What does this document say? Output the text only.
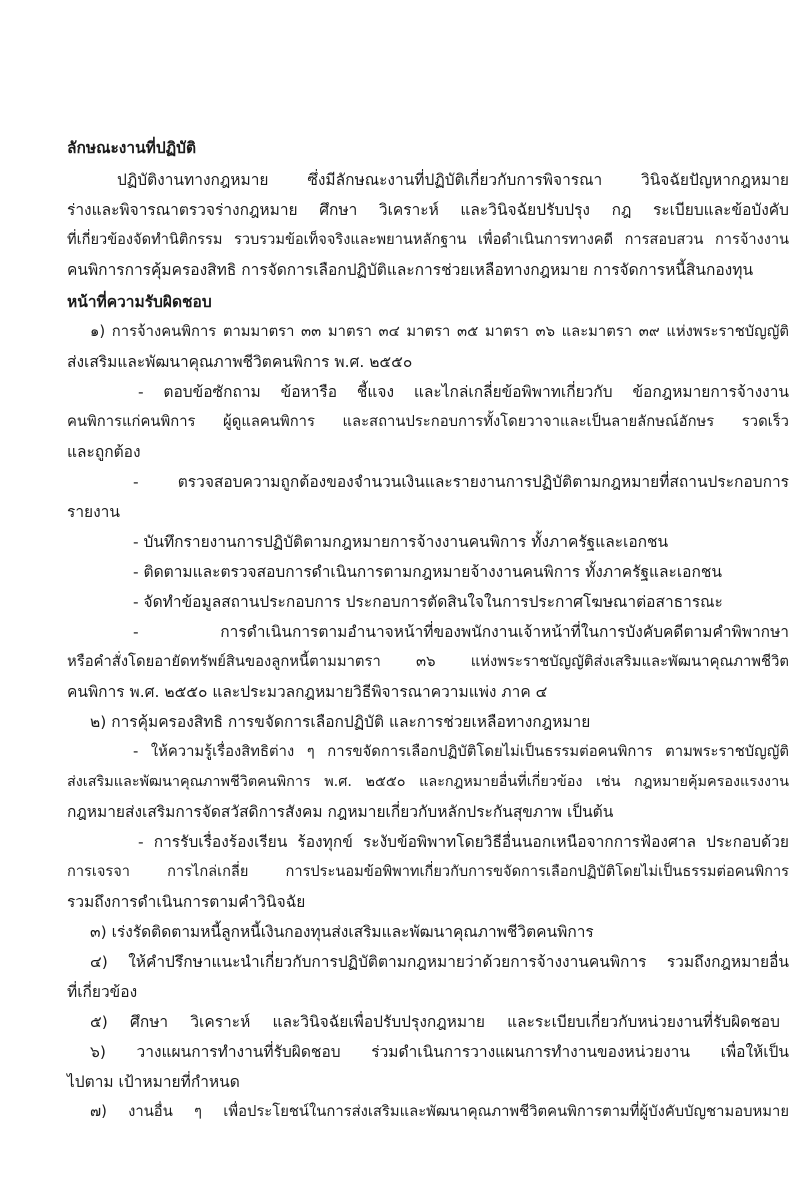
ลักษณะงานที่ปฏิบัติ
ปฏิบัติงานทางกฎหมาย ซึ่งมีลักษณะงานที่ปฏิบัติเกี่ยวกับการพิจารณา วินิจฉัยปัญหากฎหมาย
ร่างและพิจารณาตรวจร่างกฎหมาย ศึกษา วิเคราะห์ และวินิจฉัยปรับปรุง กฎ ระเบียบและข้อบังคับ
ที่เกี่ยวข้องจัดทำนิติกรรม รวบรวมข้อเท็จจริงและพยานหลักฐาน เพื่อดำเนินการทางคดี การสอบสวน การจ้างงาน
คนพิการการคุ้มครองสิทธิ การจัดการเลือกปฏิบัติและการช่วยเหลือทางกฎหมาย การจัดการหนี้สินกองทุน
หน้าที่ความรับผิดชอบ
๑) การจ้างคนพิการ ตามมาตรา ๓๓ มาตรา ๓๔ มาตรา ๓๕ มาตรา ๓๖ และมาตรา ๓๙ แห่งพระราชบัญญัติ
ส่งเสริมและพัฒนาคุณภาพชีวิตคนพิการ พ.ศ. ๒๕๕๐
- ตอบข้อซักถาม ข้อหารือ ชี้แจง และไกล่เกลี่ยข้อพิพาทเกี่ยวกับ ข้อกฎหมายการจ้างงาน
คนพิการแก่คนพิการ ผู้ดูแลคนพิการ และสถานประกอบการทั้งโดยวาจาและเป็นลายลักษณ์อักษร รวดเร็ว
และถูกต้อง
- ตรวจสอบความถูกต้องของจำนวนเงินและรายงานการปฏิบัติตามกฎหมายที่สถานประกอบการ
รายงาน
- บันทึกรายงานการปฏิบัติตามกฎหมายการจ้างงานคนพิการ ทั้งภาครัฐและเอกชน
- ติดตามและตรวจสอบการดำเนินการตามกฎหมายจ้างงานคนพิการ ทั้งภาครัฐและเอกชน
- จัดทำข้อมูลสถานประกอบการ ประกอบการตัดสินใจในการประกาศโฆษณาต่อสาธารณะ
- การดำเนินการตามอำนาจหน้าที่ของพนักงานเจ้าหน้าที่ในการบังคับคดีตามคำพิพากษา
หรือคำสั่งโดยอายัดทรัพย์สินของลูกหนี้ตามมาตรา ๓๖ แห่งพระราชบัญญัติส่งเสริมและพัฒนาคุณภาพชีวิต
คนพิการ พ.ศ. ๒๕๕๐ และประมวลกฎหมายวิธีพิจารณาความแพ่ง ภาค ๔
๒) การคุ้มครองสิทธิ การขจัดการเลือกปฏิบัติ และการช่วยเหลือทางกฎหมาย
- ให้ความรู้เรื่องสิทธิต่าง ๆ การขจัดการเลือกปฏิบัติโดยไม่เป็นธรรมต่อคนพิการ ตามพระราชบัญญัติ
ส่งเสริมและพัฒนาคุณภาพชีวิตคนพิการ พ.ศ. ๒๕๕๐ และกฎหมายอื่นที่เกี่ยวข้อง เช่น กฎหมายคุ้มครองแรงงาน
กฎหมายส่งเสริมการจัดสวัสดิการสังคม กฎหมายเกี่ยวกับหลักประกันสุขภาพ เป็นต้น
- การรับเรื่องร้องเรียน ร้องทุกข์ ระงับข้อพิพาทโดยวิธีอื่นนอกเหนือจากการฟ้องศาล ประกอบด้วย
การเจรจา การไกล่เกลี่ย การประนอมข้อพิพาทเกี่ยวกับการขจัดการเลือกปฏิบัติโดยไม่เป็นธรรมต่อคนพิการ
รวมถึงการดำเนินการตามคำวินิจฉัย
๓) เร่งรัดติดตามหนี้ลูกหนี้เงินกองทุนส่งเสริมและพัฒนาคุณภาพชีวิตคนพิการ
๔) ให้คำปรึกษาแนะนำเกี่ยวกับการปฏิบัติตามกฎหมายว่าด้วยการจ้างงานคนพิการ รวมถึงกฎหมายอื่น
ที่เกี่ยวข้อง
๕) ศึกษา วิเคราะห์ และวินิจฉัยเพื่อปรับปรุงกฎหมาย และระเบียบเกี่ยวกับหน่วยงานที่รับผิดชอบ
๖) วางแผนการทำงานที่รับผิดชอบ ร่วมดำเนินการวางแผนการทำงานของหน่วยงาน เพื่อให้เป็น
ไปตาม เป้าหมายที่กำหนด
๗) งานอื่น ๆ เพื่อประโยชน์ในการส่งเสริมและพัฒนาคุณภาพชีวิตคนพิการตามที่ผู้บังคับบัญชามอบหมาย
